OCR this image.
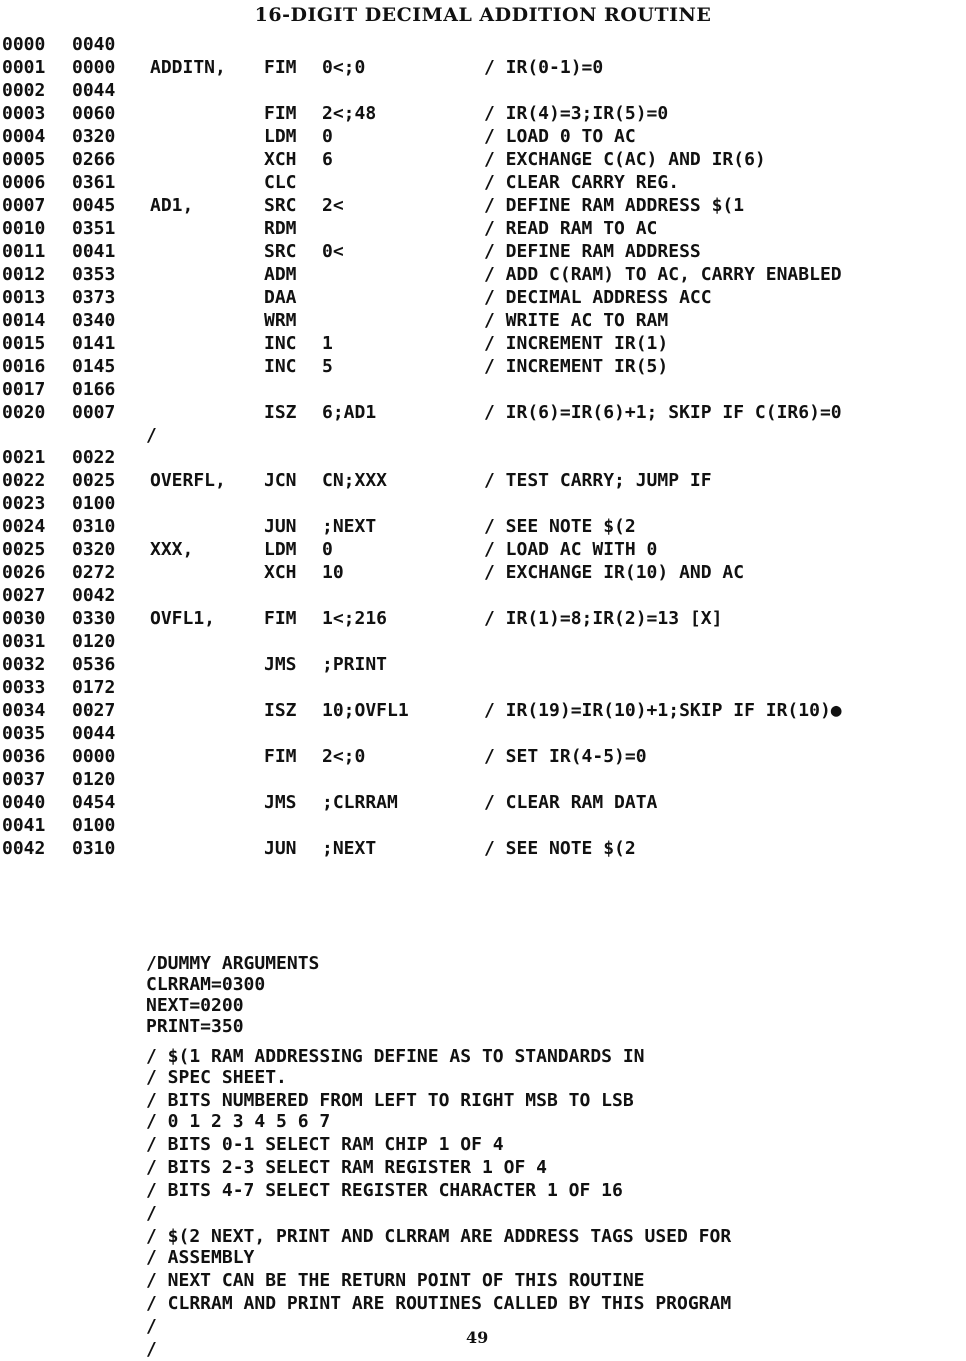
16-DIGIT DECIMAL ADDITION ROUTINE
0000 0040
0001 0000 ADDITN, FIM 0<;0	/ IR(0-1)=0
0002 0044
0003 0060	FIM 2<;48	/ IR(4)=3;IR(5)=0
0004 0320	LDM 0	/ LOAD 0 TO AC
0005 0266	XCH 6	/ EXCHANGE C(AC) AND IR(6)
0006 0361	CLC	/ CLEAR CARRY REG.
0007 0045 AD1,	SRC 2<	/ DEFINE RAM ADDRESS $(1
0010 0351	RDM	/ READ RAM TO AC
0011 0041	SRC 0<	/ DEFINE RAM ADDRESS
0012 0353	ADM	/ ADD C(RAM) TO AC, CARRY ENABLED
0013 0373	DAA	/ DECIMAL ADDRESS ACC
0014 0340	WRM	/ WRITE AC TO RAM
0015 0141	INC 1	/ INCREMENT IR(1)
0016 0145	INC 5	/ INCREMENT IR(5)
0017 0166
0020 0007	ISZ 6;AD1	/ IR(6)=IR(6)+1; SKIP IF C(IR6)=0
0021 0022
0022 0025 OVERFL, JCN CN;XXX	/ TEST CARRY; JUMP IF
0023 0100
0024 0310	JUN ;NEXT	/ SEE NOTE $(2
0025 0320 XXX,	LDM 0	/ LOAD AC WITH 0
0026 0272	XCH 10	/ EXCHANGE IR(10) AND AC
0027 0042
0030 0330 OVFL1,	FIM 1<;216	/ IR(1)=8;IR(2)=13 [X]
0031 0120
0032 0536	JMS ;PRINT
0033 0172
0034 0027	ISZ 10;OVFL1	/ IR(19)=IR(10)+1;SKIP IF IR(10)●
0035 0044
0036 0000	FIM 2<;0	/ SET IR(4-5)=0
0037 0120
0040 0454	JMS ;CLRRAM	/ CLEAR RAM DATA
0041 0100
0042 0310	JUN ;NEXT	/ SEE NOTE $(2
/
/DUMMY ARGUMENTS
CLRRAM=0300
NEXT=0200
PRINT=350
/ $(1 RAM ADDRESSING DEFINE AS TO STANDARDS IN
/ SPEC SHEET.
/ BITS NUMBERED FROM LEFT TO RIGHT MSB TO LSB
/ 0 1 2 3 4 5 6 7
/ BITS 0-1 SELECT RAM CHIP 1 OF 4
/ BITS 2-3 SELECT RAM REGISTER 1 OF 4
/ BITS 4-7 SELECT REGISTER CHARACTER 1 OF 16
/
/ $(2 NEXT, PRINT AND CLRRAM ARE ADDRESS TAGS USED FOR
/ ASSEMBLY
/ NEXT CAN BE THE RETURN POINT OF THIS ROUTINE
/ CLRRAM AND PRINT ARE ROUTINES CALLED BY THIS PROGRAM
/
/
49
